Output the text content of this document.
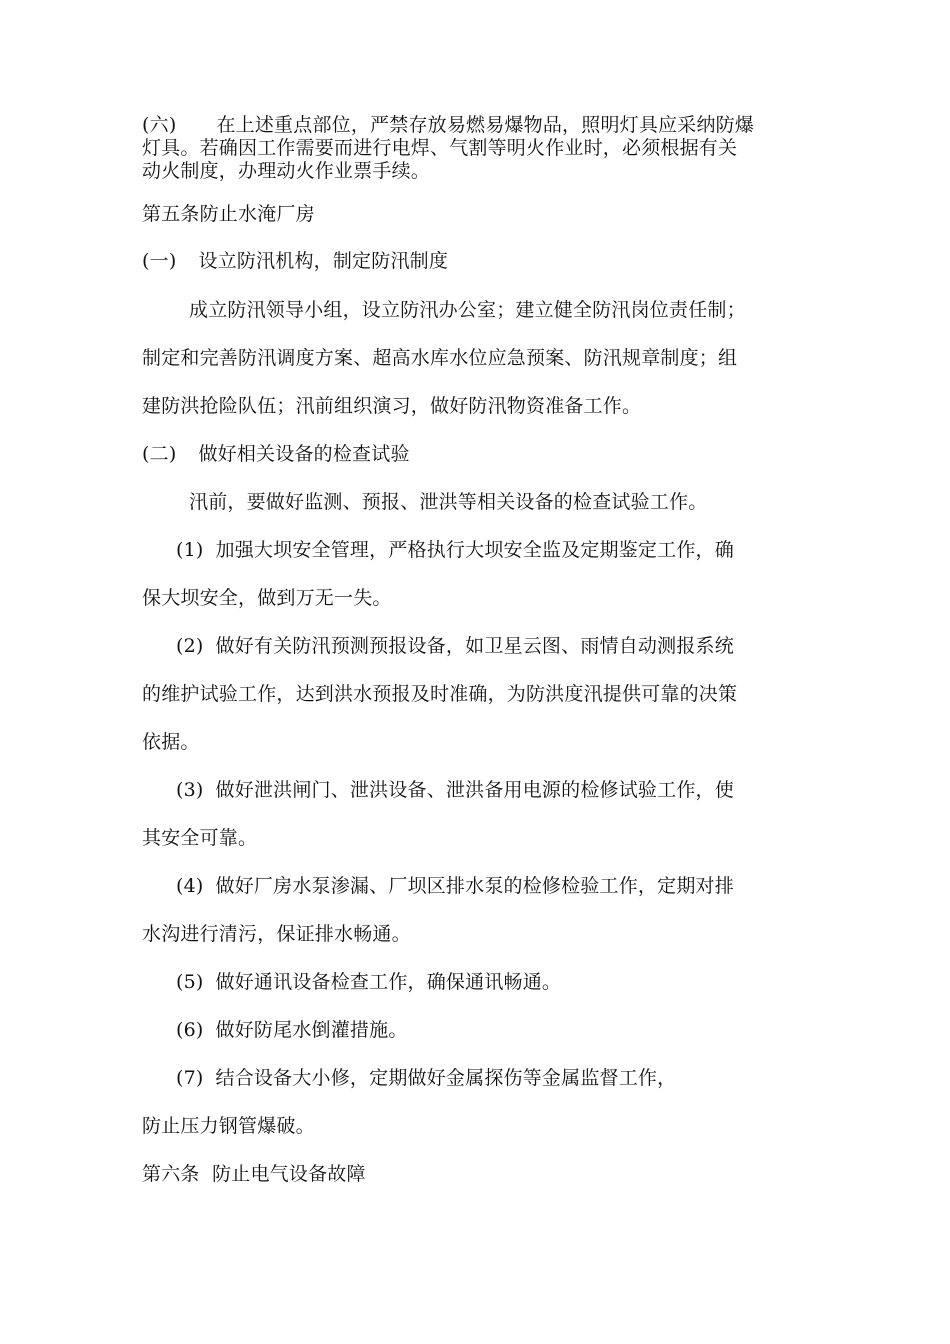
(六) 在上述重点部位，严禁存放易燃易爆物品，照明灯具应采纳防爆
灯具。若确因工作需要而进行电焊、气割等明火作业时，必须根据有关
动火制度，办理动火作业票手续。
第五条防止水淹厂房
(一) 设立防汛机构，制定防汛制度
成立防汛领导小组，设立防汛办公室；建立健全防汛岗位责任制；
制定和完善防汛调度方案、超高水库水位应急预案、防汛规章制度；组
建防洪抢险队伍；汛前组织演习，做好防汛物资准备工作。
(二) 做好相关设备的检查试验
汛前，要做好监测、预报、泄洪等相关设备的检查试验工作。
(1) 加强大坝安全管理，严格执行大坝安全监及定期鉴定工作，确
保大坝安全，做到万无一失。
(2) 做好有关防汛预测预报设备，如卫星云图、雨情自动测报系统
的维护试验工作，达到洪水预报及时准确，为防洪度汛提供可靠的决策
依据。
(3) 做好泄洪闸门、泄洪设备、泄洪备用电源的检修试验工作，使
其安全可靠。
(4) 做好厂房水泵渗漏、厂坝区排水泵的检修检验工作，定期对排
水沟进行清污，保证排水畅通。
(5) 做好通讯设备检查工作，确保通讯畅通。
(6) 做好防尾水倒灌措施。
(7) 结合设备大小修，定期做好金属探伤等金属监督工作，
防止压力钢管爆破。
第六条  防止电气设备故障
